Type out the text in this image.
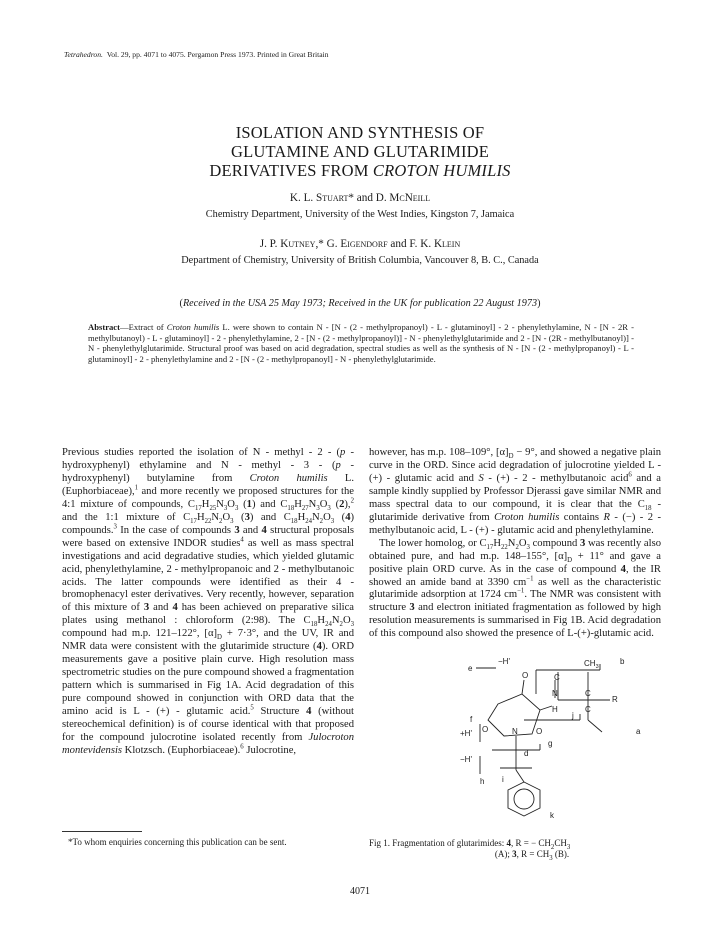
Tetrahedron. Vol. 29, pp. 4071 to 4075. Pergamon Press 1973. Printed in Great Britain
ISOLATION AND SYNTHESIS OF
GLUTAMINE AND GLUTARIMIDE
DERIVATIVES FROM CROTON HUMILIS
K. L. Stuart* and D. McNeill
Chemistry Department, University of the West Indies, Kingston 7, Jamaica
J. P. Kutney,* G. Eigendorf and F. K. Klein
Department of Chemistry, University of British Columbia, Vancouver 8, B. C., Canada
(Received in the USA 25 May 1973; Received in the UK for publication 22 August 1973)
Abstract—Extract of Croton humilis L. were shown to contain N - [N - (2 - methylpropanoyl) - L - glutaminoyl] - 2 - phenylethylamine, N - [N - 2R - methylbutanoyl) - L - glutaminoyl] - 2 - phenylethylamine, 2 - [N - (2 - methylpropanoyl)] - N - phenylethylglutarimide and 2 - [N - (2R - methylbutanoyl)] - N - phenylethylglutarimide. Structural proof was based on acid degradation, spectral studies as well as the synthesis of N - [N - (2 - methylpropanoyl) - L - glutaminoyl] - 2 - phenylethylamine and 2 - [N - (2 - methylpropanoyl] - N - phenylethylglutarimide.

Previous studies reported the isolation of N - methyl - 2 - (p - hydroxyphenyl) ethylamine and N - methyl - 3 - (p - hydroxyphenyl) butylamine from Croton humilis L. (Euphorbiaceae),$^1$ and more recently we proposed structures for the 4:1 mixture of compounds, $C_{17}H_{25}N_3O_3$ (1) and $C_{18}H_{27}N_3O_3$ (2),$^2$ and the 1:1 mixture of $C_{17}H_{22}N_2O_3$ (3) and $C_{18}H_{24}N_2O_3$ (4) compounds.$^3$ In the case of compounds 3 and 4 structural proposals were based on extensive INDOR studies$^4$ as well as mass spectral investigations and acid degradative studies, which yielded glutamic acid, phenylethylamine, 2 - methylpropanoic and 2 - methylbutanoic acids. The latter compounds were identified as their 4 - bromophenacyl ester derivatives. Very recently, however, separation of this mixture of 3 and 4 has been achieved on preparative silica plates using methanol : chloroform (2:98). The $C_{18}H_{24}N_2O_3$ compound had m.p. 121–122°, $[\alpha]_D + 7\cdot 3^\circ$, and the UV, IR and NMR data were consistent with the glutarimide structure (4). ORD measurements gave a positive plain curve. High resolution mass spectrometric studies on the pure compound showed a fragmentation pattern which is summarised in Fig 1A. Acid degradation of this pure compound showed in conjunction with ORD data that the amino acid is L - (+) - glutamic acid.$^5$ Structure 4 (without stereochemical definition) is of course identical with that proposed for the compound julocrotine isolated recently from Julocroton montevidensis Klotzsch. (Euphorbiaceae).$^6$ Julocrotine,

however, has m.p. 108–109°, $[\alpha]_D - 9^\circ$, and showed a negative plain curve in the ORD. Since acid degradation of julocrotine yielded L - (+) - glutamic acid and S - (+) - 2 - methylbutanoic acid$^6$ and a sample kindly supplied by Professor Djerassi gave similar NMR and mass spectral data to our compound, it is clear that the $C_{18}$ - glutarimide derivative from Croton humilis contains R - (−) - 2 - methylbutanoic acid, L - (+) - glutamic acid and phenylethylamine.

The lower homolog, or $C_{17}H_{22}N_2O_3$ compound 3 was recently also obtained pure, and had m.p. 148–155°, $[\alpha]_D + 11^\circ$ and gave a positive plain ORD curve. As in the case of compound 4, the IR showed an amide band at 3390 $cm^{-1}$ as well as the characteristic glutarimide adsorption at 1724 $cm^{-1}$. The NMR was consistent with structure 3 and electron initiated fragmentation as followed by high resolution measurements is summarised in Fig 1B. Acid degradation of this compound also showed the presence of L-(+)-glutamic acid.

−H'	b
e
O
$CH_3$
N
H
C
C
C
R
a
f
+H' O	N O
j
g
d
−H'
h i
k
*To whom enquiries concerning this publication can be sent.	Fig 1. Fragmentation of glutarimides: 4, R = − $CH_2CH_3$
(A); 3, $R = CH_3$ (B).
4071
